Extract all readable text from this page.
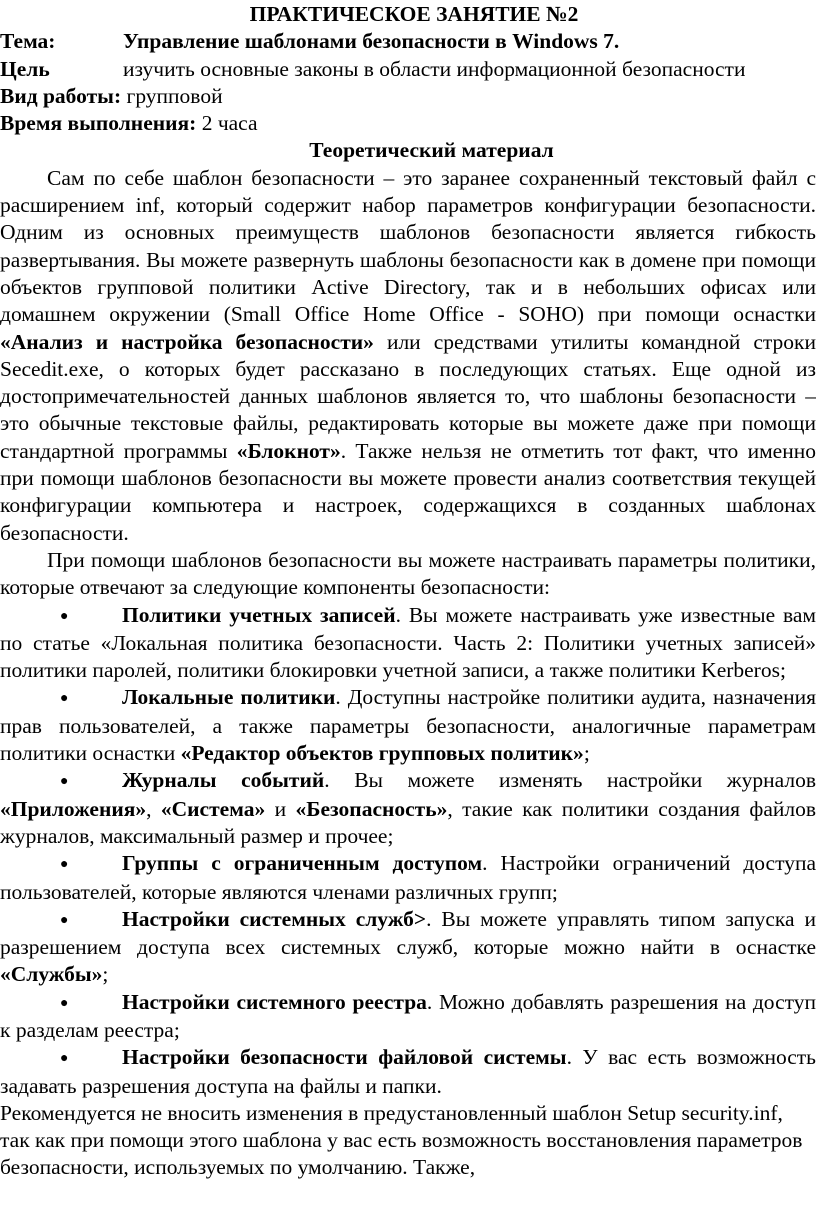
ПРАКТИЧЕСКОЕ ЗАНЯТИЕ №2
Тема:	Управление шаблонами безопасности в Windows 7.
Цель	изучить основные законы в области информационной безопасности
Вид работы: групповой
Время выполнения: 2 часа
Теоретический материал

Сам по себе шаблон безопасности – это заранее сохраненный текстовый файл с расширением inf, который содержит набор параметров конфигурации безопасности. Одним из основных преимуществ шаблонов безопасности является гибкость развертывания. Вы можете развернуть шаблоны безопасности как в домене при помощи объектов групповой политики Active Directory, так и в небольших офисах или домашнем окружении (Small Office Home Office - SOHO) при помощи оснастки «Анализ и настройка безопасности» или средствами утилиты командной строки Secedit.exe, о которых будет рассказано в последующих статьях. Еще одной из достопримечательностей данных шаблонов является то, что шаблоны безопасности – это обычные текстовые файлы, редактировать которые вы можете даже при помощи стандартной программы «Блокнот». Также нельзя не отметить тот факт, что именно при помощи шаблонов безопасности вы можете провести анализ соответствия текущей конфигурации компьютера и настроек, содержащихся в созданных шаблонах безопасности.

При помощи шаблонов безопасности вы можете настраивать параметры политики, которые отвечают за следующие компоненты безопасности:

● Политики учетных записей. Вы можете настраивать уже известные вам по статье «Локальная политика безопасности. Часть 2: Политики учетных записей» политики паролей, политики блокировки учетной записи, а также политики Kerberos;
● Локальные политики. Доступны настройке политики аудита, назначения прав пользователей, а также параметры безопасности, аналогичные параметрам политики оснастки «Редактор объектов групповых политик»;
● Журналы событий. Вы можете изменять настройки журналов «Приложения», «Система» и «Безопасность», такие как политики создания файлов журналов, максимальный размер и прочее;
● Группы с ограниченным доступом. Настройки ограничений доступа пользователей, которые являются членами различных групп;
● Настройки системных служб>. Вы можете управлять типом запуска и разрешением доступа всех системных служб, которые можно найти в оснастке «Службы»;
● Настройки системного реестра. Можно добавлять разрешения на доступ к разделам реестра;
● Настройки безопасности файловой системы. У вас есть возможность задавать разрешения доступа на файлы и папки.

Рекомендуется не вносить изменения в предустановленный шаблон Setup security.inf, так как при помощи этого шаблона у вас есть возможность восстановления параметров безопасности, используемых по умолчанию. Также,
